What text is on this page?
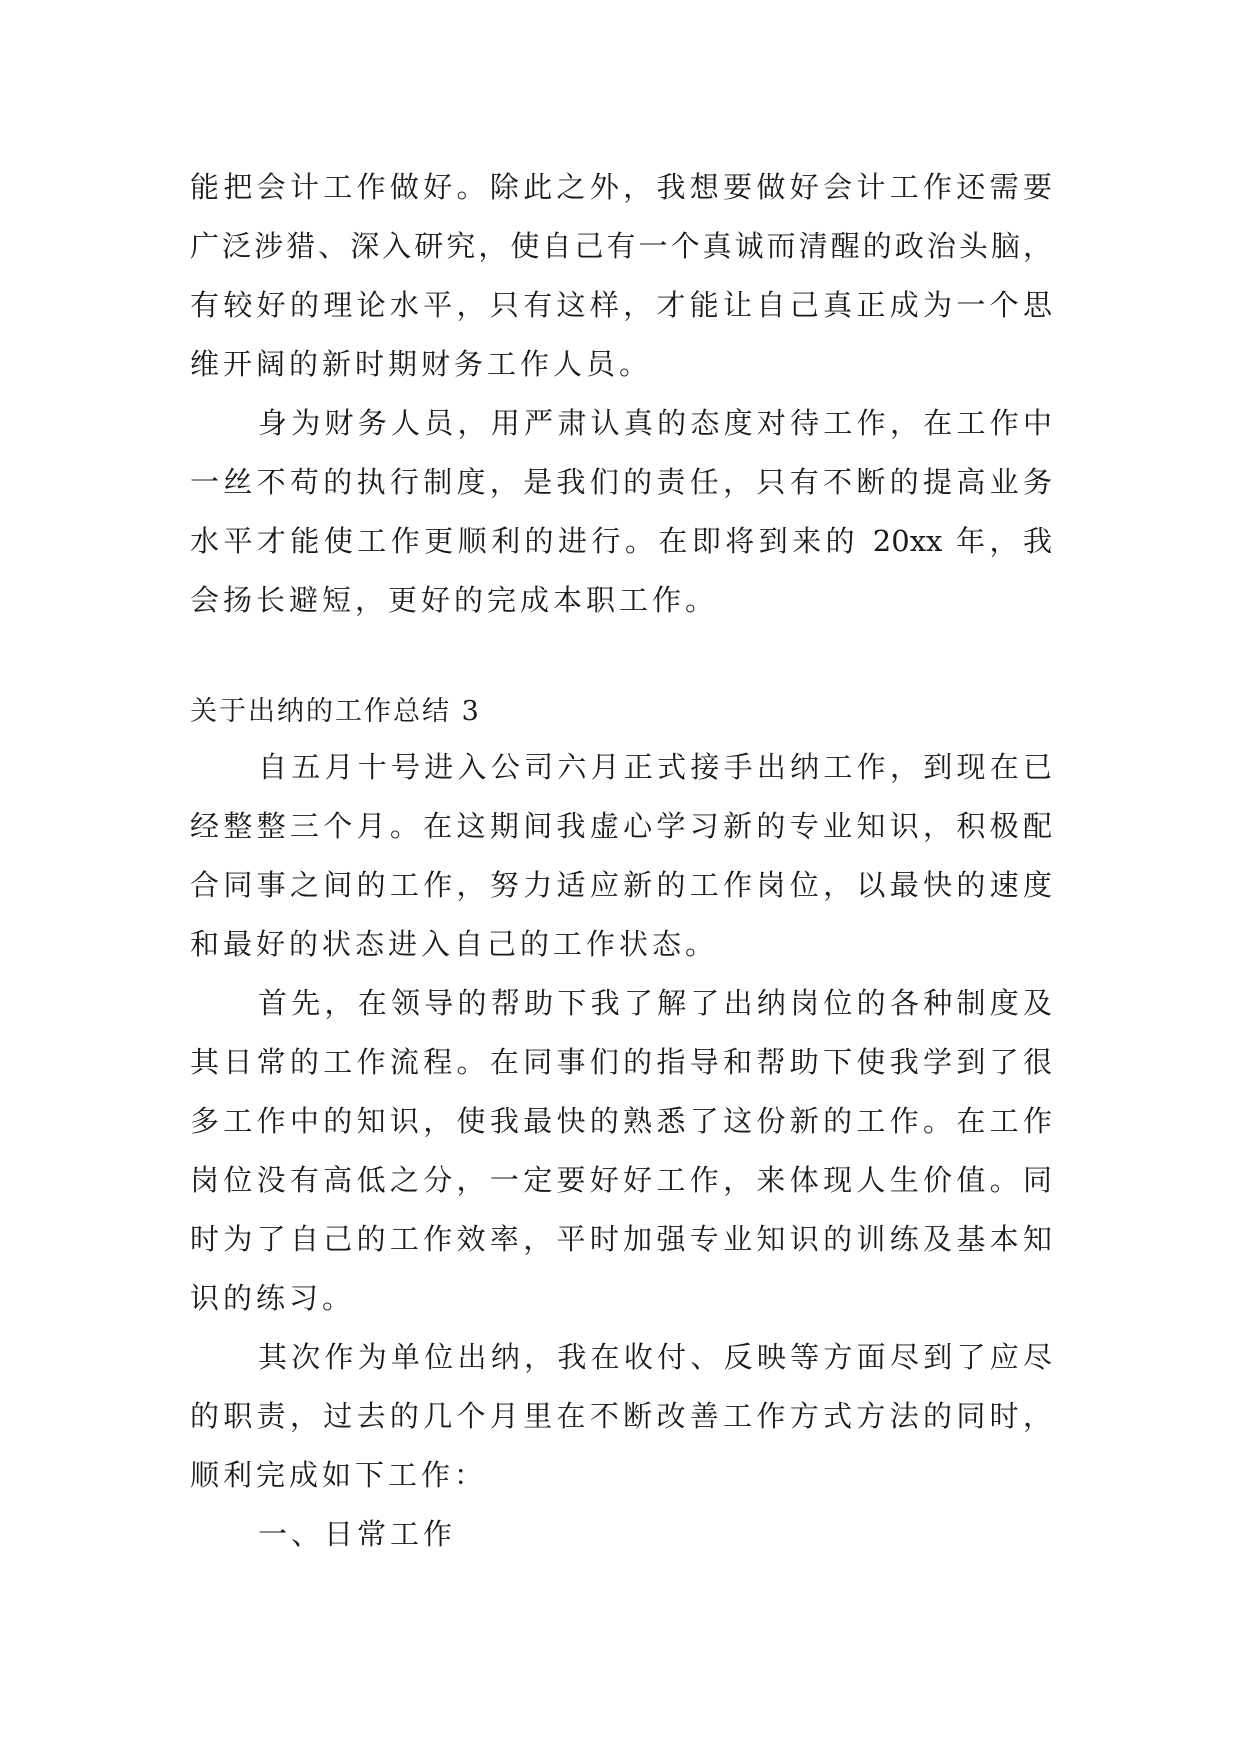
能把会计工作做好。除此之外，我想要做好会计工作还需要
广泛涉猎、深入研究，使自己有一个真诚而清醒的政治头脑，
有较好的理论水平，只有这样，才能让自己真正成为一个思
维开阔的新时期财务工作人员。
身为财务人员，用严肃认真的态度对待工作，在工作中
一丝不苟的执行制度，是我们的责任，只有不断的提高业务
水平才能使工作更顺利的进行。在即将到来的 20xx 年，我
会扬长避短，更好的完成本职工作。
关于出纳的工作总结 3
自五月十号进入公司六月正式接手出纳工作，到现在已
经整整三个月。在这期间我虚心学习新的专业知识，积极配
合同事之间的工作，努力适应新的工作岗位，以最快的速度
和最好的状态进入自己的工作状态。
首先，在领导的帮助下我了解了出纳岗位的各种制度及
其日常的工作流程。在同事们的指导和帮助下使我学到了很
多工作中的知识，使我最快的熟悉了这份新的工作。在工作
岗位没有高低之分，一定要好好工作，来体现人生价值。同
时为了自己的工作效率，平时加强专业知识的训练及基本知
识的练习。
其次作为单位出纳，我在收付、反映等方面尽到了应尽
的职责，过去的几个月里在不断改善工作方式方法的同时，
顺利完成如下工作：
一、日常工作
